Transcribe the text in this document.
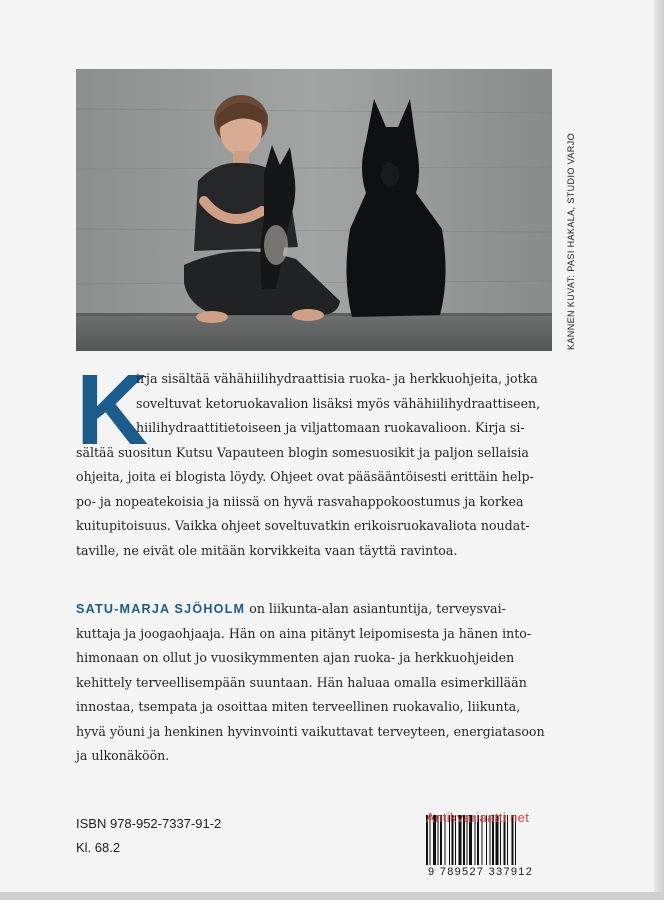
KANNEN KUVAT: PASI HAKALA, STUDIO VARJO
K
irja sisältää vähähiilihydraattisia ruoka- ja herkkuohjeita, jotka
soveltuvat ketoruokavalion lisäksi myös vähähiilihydraattiseen,
hiilihydraattitietoiseen ja viljattomaan ruokavalioon. Kirja si-
sältää suositun Kutsu Vapauteen blogin somesuosikit ja paljon sellaisia
ohjeita, joita ei blogista löydy. Ohjeet ovat pääsääntöisesti erittäin help-
po- ja nopeatekoisia ja niissä on hyvä rasvahappokoostumus ja korkea
kuitupitoisuus. Vaikka ohjeet soveltuvatkin erikoisruokavaliota noudat-
taville, ne eivät ole mitään korvikkeita vaan täyttä ravintoa.
SATU-MARJA SJÖHOLM on liikunta-alan asiantuntija, terveysvai-
kuttaja ja joogaohjaaja. Hän on aina pitänyt leipomisesta ja hänen into-
himonaan on ollut jo vuosikymmenten ajan ruoka- ja herkkuohjeiden
kehittely terveellisempään suuntaan. Hän haluaa omalla esimerkillään
innostaa, tsempata ja osoittaa miten terveellinen ruokavalio, liikunta,
hyvä yöuni ja henkinen hyvinvointi vaikuttavat terveyteen, energiatasoon
ja ulkonäköön.
ISBN 978-952-7337-91-2
Kl. 68.2
Antikvariaatti.net
9 789527 337912
